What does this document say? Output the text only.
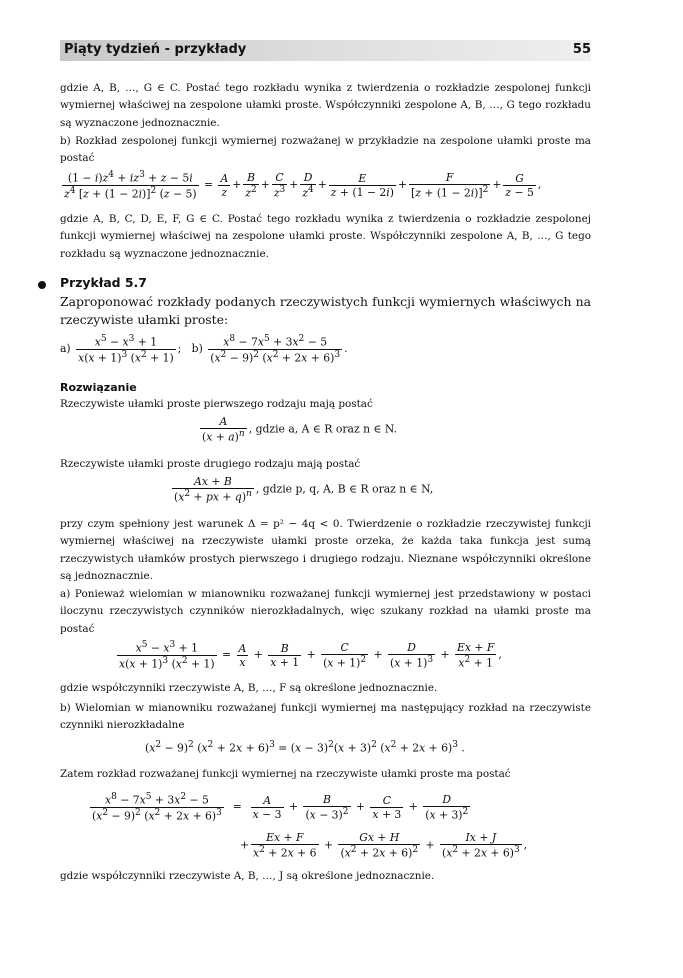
Piąty tydzień - przykłady	55
gdzie A, B, …, G ∈ C. Postać tego rozkładu wynika z twierdzenia o rozkładzie zespolonej funkcji wymiernej właściwej na zespolone ułamki proste. Współczynniki zespolone A, B, …, G tego rozkładu są wyznaczone jednoznacznie.
b) Rozkład zespolonej funkcji wymiernej rozważanej w przykładzie na zespolone ułamki proste ma postać
$\frac{(1 - i)z^4 + iz^3 + z - 5i}{z^4 [z + (1 - 2i)]^2 (z - 5)} = \frac{A}{z} + \frac{B}{z^2} + \frac{C}{z^3} + \frac{D}{z^4} + \frac{E}{z + (1 - 2i)} + \frac{F}{[z + (1 - 2i)]^2} + \frac{G}{z - 5}$ ,
gdzie A, B, C, D, E, F, G ∈ C. Postać tego rozkładu wynika z twierdzenia o rozkładzie zespolonej funkcji wymiernej właściwej na zespolone ułamki proste. Współczynniki zespolone A, B, …, G tego rozkładu są wyznaczone jednoznacznie.
Przykład 5.7
Zaproponować rozkłady podanych rzeczywistych funkcji wymiernych właściwych na rzeczywiste ułamki proste:
$a) \frac{x^5 - x^3 + 1}{x(x + 1)^3 (x^2 + 1)}$ ;   $b) \frac{x^8 - 7x^5 + 3x^2 - 5}{(x^2 - 9)^2 (x^2 + 2x + 6)^3}$ .
Rozwiązanie
Rzeczywiste ułamki proste pierwszego rodzaju mają postać
$\frac{A}{(x + a)^n}$ , gdzie a, A ∈ R oraz n ∈ N.
Rzeczywiste ułamki proste drugiego rodzaju mają postać
$\frac{Ax + B}{(x^2 + px + q)^n}$ , gdzie p, q, A, B ∈ R oraz n ∈ N,
przy czym spełniony jest warunek Δ = p² − 4q < 0. Twierdzenie o rozkładzie rzeczywistej funkcji wymiernej właściwej na rzeczywiste ułamki proste orzeka, że każda taka funkcja jest sumą rzeczywistych ułamków prostych pierwszego i drugiego rodzaju. Nieznane współczynniki określone są jednoznacznie.
a) Ponieważ wielomian w mianowniku rozważanej funkcji wymiernej jest przedstawiony w postaci iloczynu rzeczywistych czynników nierozkładalnych, więc szukany rozkład na ułamki proste ma postać
$\frac{x^5 - x^3 + 1}{x(x + 1)^3 (x^2 + 1)} = \frac{A}{x} + \frac{B}{x + 1} + \frac{C}{(x + 1)^2} + \frac{D}{(x + 1)^3} + \frac{Ex + F}{x^2 + 1}$ ,
gdzie współczynniki rzeczywiste A, B, …, F są określone jednoznacznie.
b) Wielomian w mianowniku rozważanej funkcji wymiernej ma następujący rozkład na rzeczywiste czynniki nierozkładalne
$(x^2 - 9)^2$ $(x^2 + 2x + 6)^3 = (x - 3)^2(x + 3)^2$ $(x^2 + 2x + 6)^3$ .
Zatem rozkład rozważanej funkcji wymiernej na rzeczywiste ułamki proste ma postać
$\frac{x^8 - 7x^5 + 3x^2 - 5}{(x^2 - 9)^2 (x^2 + 2x + 6)^3} = \frac{A}{x - 3} + \frac{B}{(x - 3)^2} + \frac{C}{x + 3} + \frac{D}{(x + 3)^2}$
+ $\frac{Ex + F}{x^2 + 2x + 6} + \frac{Gx + H}{(x^2 + 2x + 6)^2} + \frac{Ix + J}{(x^2 + 2x + 6)^3}$ ,
gdzie współczynniki rzeczywiste A, B, …, J są określone jednoznacznie.
